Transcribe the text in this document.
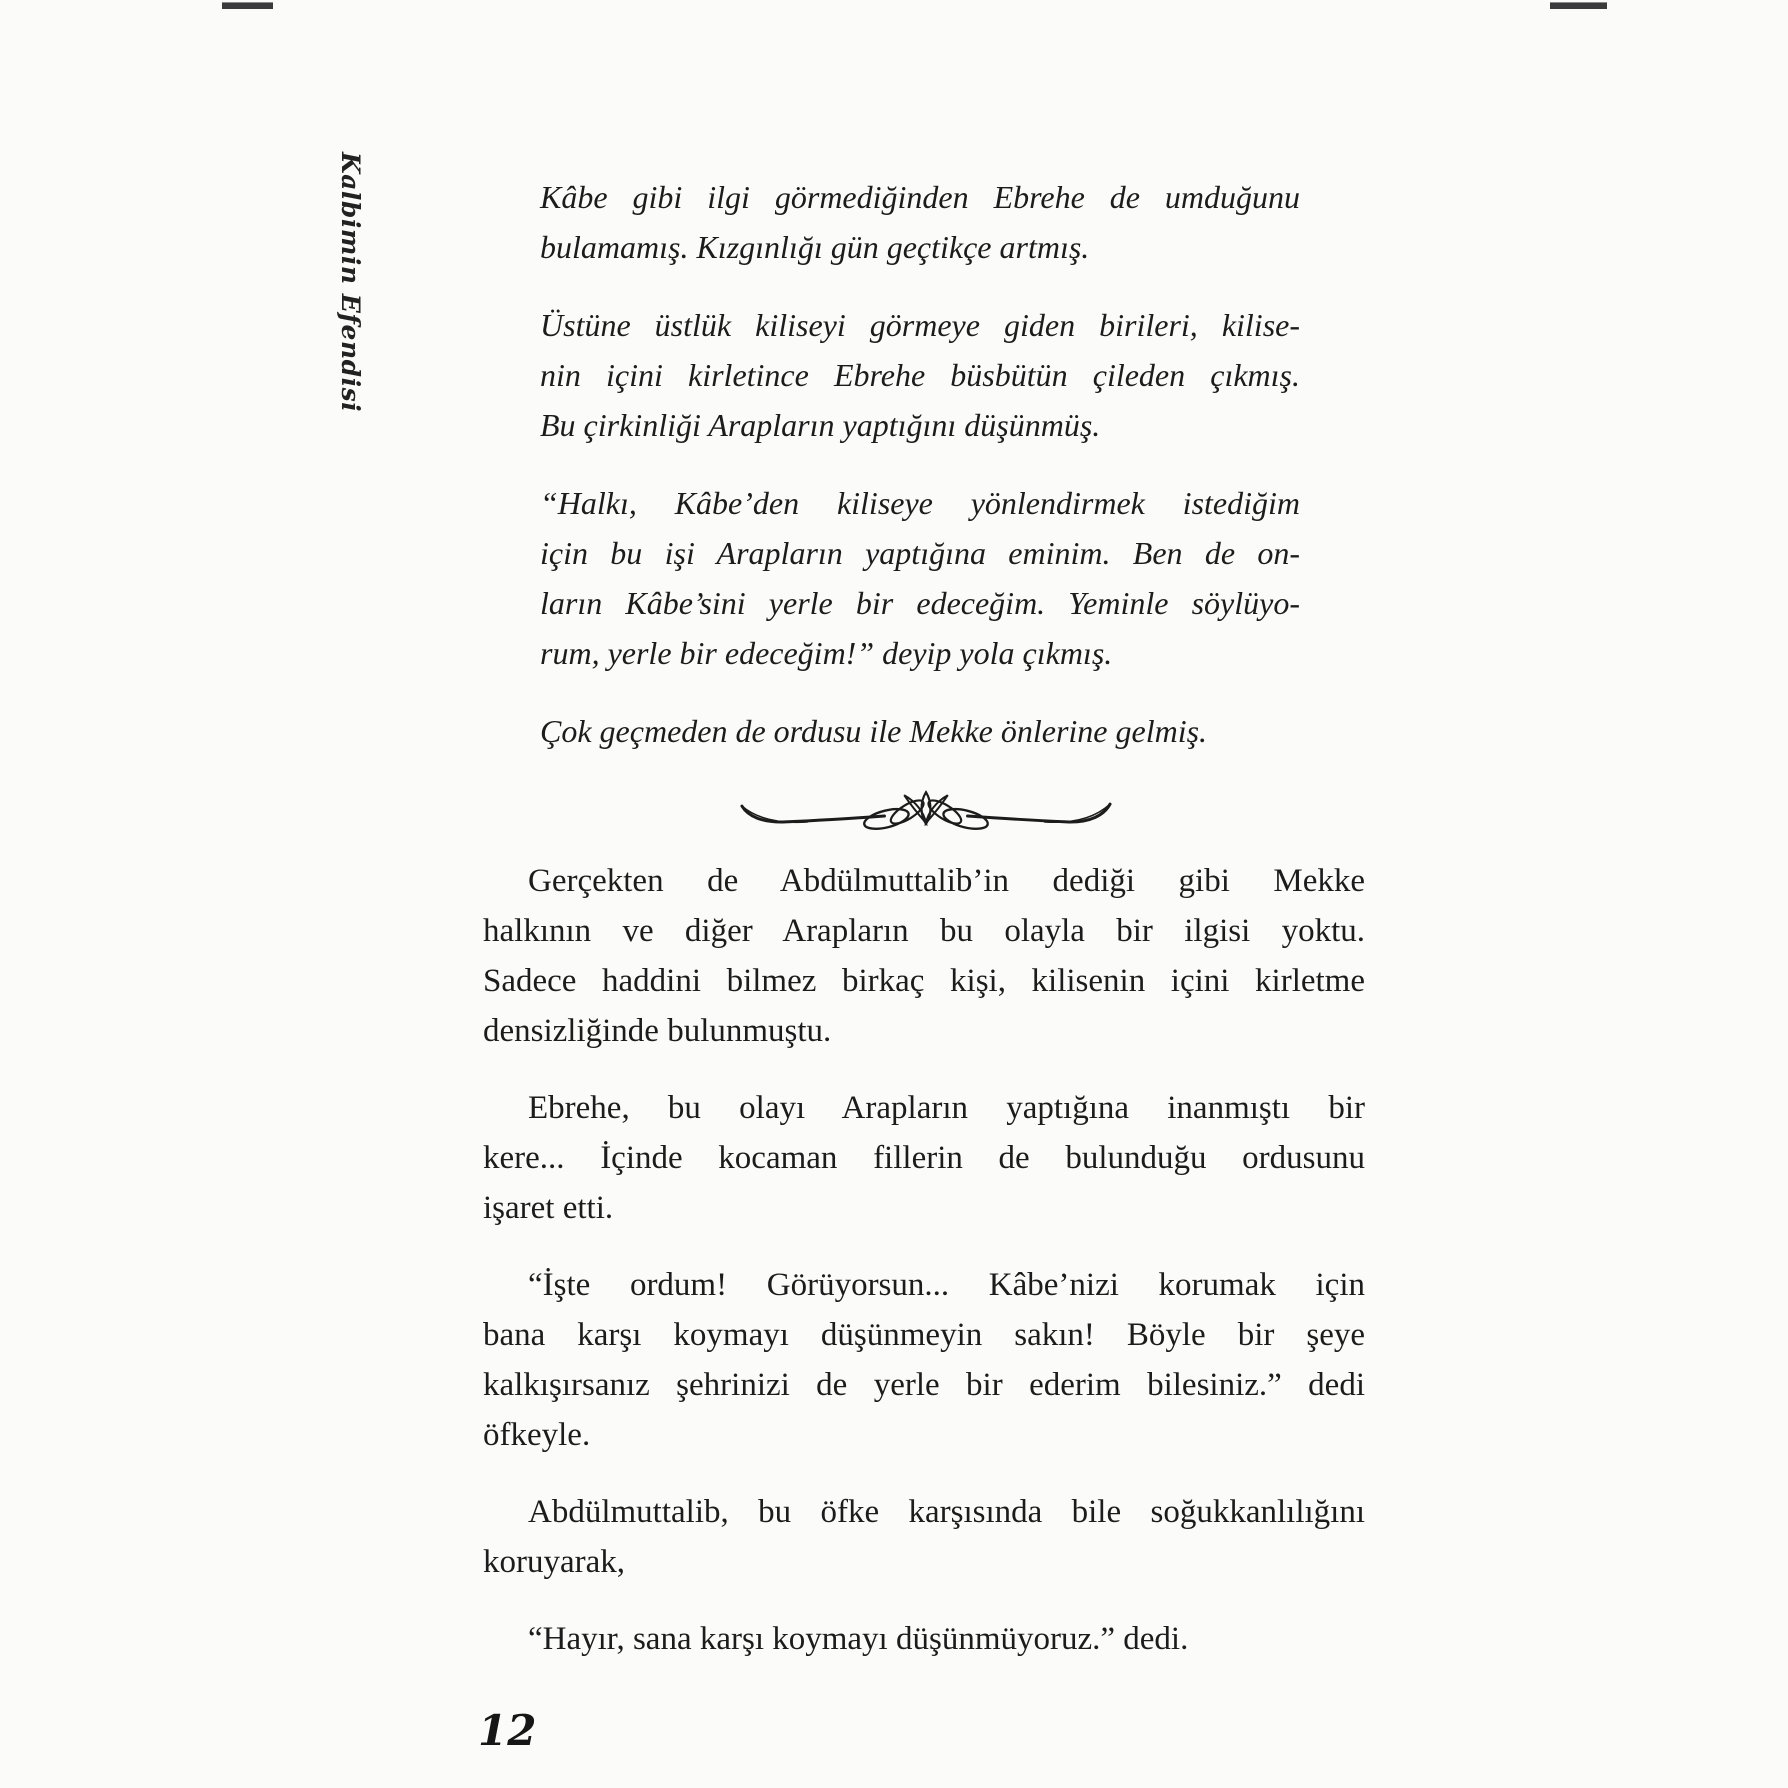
Kalbimin Efendisi	Kâbe gibi ilgi görmediğinden Ebrehe de umduğunu
bulamamış. Kızgınlığı gün geçtikçe artmış.
Üstüne üstlük kiliseyi görmeye giden birileri, kilise-
nin içini kirletince Ebrehe büsbütün çileden çıkmış.
Bu çirkinliği Arapların yaptığını düşünmüş.
“Halkı, Kâbe’den kiliseye yönlendirmek istediğim
için bu işi Arapların yaptığına eminim. Ben de on-
ların Kâbe’sini yerle bir edeceğim. Yeminle söylüyo-
rum, yerle bir edeceğim!” deyip yola çıkmış.
Çok geçmeden de ordusu ile Mekke önlerine gelmiş.
Gerçekten de Abdülmuttalib’in dediği gibi Mekke
halkının ve diğer Arapların bu olayla bir ilgisi yoktu.
Sadece haddini bilmez birkaç kişi, kilisenin içini kirletme
densizliğinde bulunmuştu.
Ebrehe, bu olayı Arapların yaptığına inanmıştı bir
kere... İçinde kocaman fillerin de bulunduğu ordusunu
işaret etti.
“İşte ordum! Görüyorsun... Kâbe’nizi korumak için
bana karşı koymayı düşünmeyin sakın! Böyle bir şeye
kalkışırsanız şehrinizi de yerle bir ederim bilesiniz.” dedi
öfkeyle.
Abdülmuttalib, bu öfke karşısında bile soğukkanlılığını
koruyarak,
“Hayır, sana karşı koymayı düşünmüyoruz.” dedi.
12
